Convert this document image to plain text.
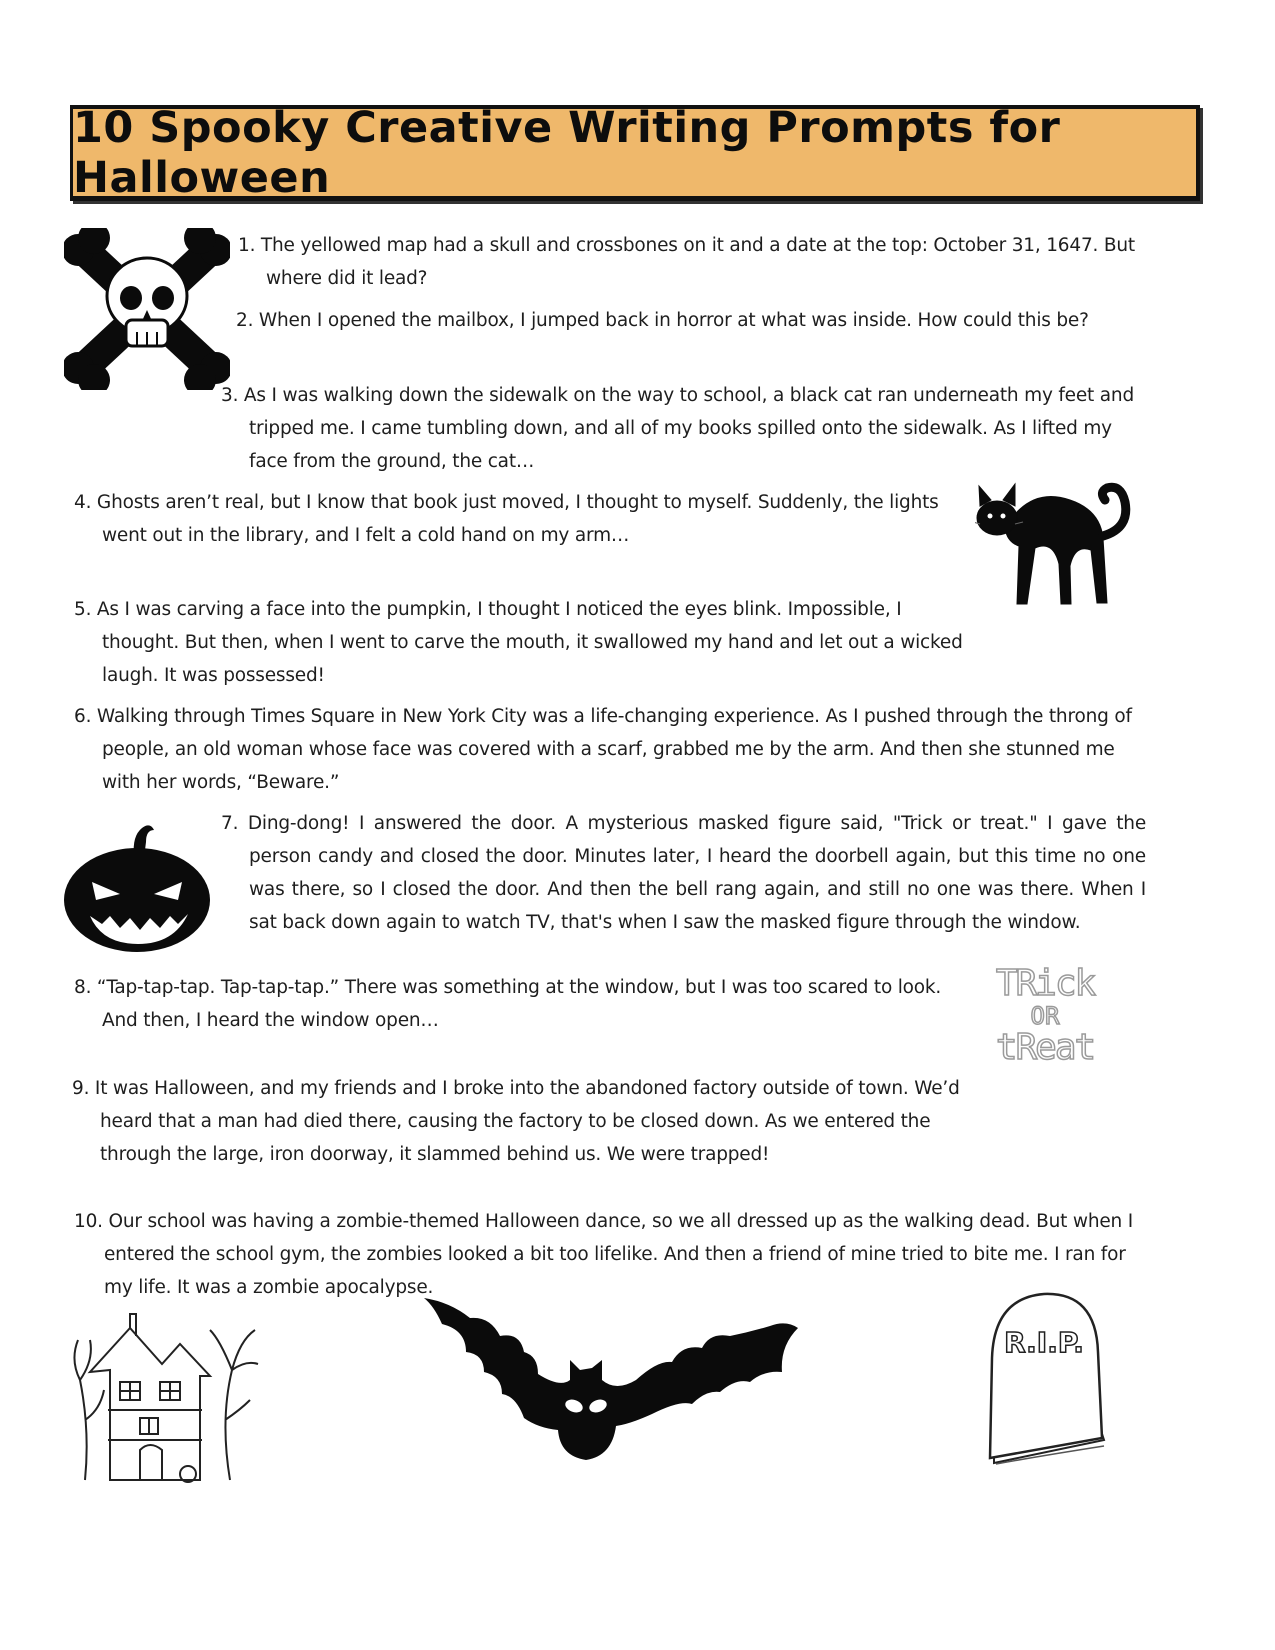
10 Spooky Creative Writing Prompts for Halloween
TRick
OR
tReat
R.I.P.
1. The yellowed map had a skull and crossbones on it and a date at the top: October 31, 1647. But where did it lead?
2. When I opened the mailbox, I jumped back in horror at what was inside. How could this be?
3. As I was walking down the sidewalk on the way to school, a black cat ran underneath my feet and tripped me. I came tumbling down, and all of my books spilled onto the sidewalk. As I lifted my face from the ground, the cat…
4. Ghosts aren’t real, but I know that book just moved, I thought to myself. Suddenly, the lights went out in the library, and I felt a cold hand on my arm…
5. As I was carving a face into the pumpkin, I thought I noticed the eyes blink. Impossible, I thought. But then, when I went to carve the mouth, it swallowed my hand and let out a wicked laugh. It was possessed!
6. Walking through Times Square in New York City was a life-changing experience. As I pushed through the throng of people, an old woman whose face was covered with a scarf, grabbed me by the arm. And then she stunned me with her words, “Beware.”
7. Ding-dong! I answered the door. A mysterious masked figure said, "Trick or treat." I gave the person candy and closed the door. Minutes later, I heard the doorbell again, but this time no one was there, so I closed the door. And then the bell rang again, and still no one was there. When I sat back down again to watch TV, that's when I saw the masked figure through the window.
8. “Tap-tap-tap. Tap-tap-tap.” There was something at the window, but I was too scared to look. And then, I heard the window open…
9. It was Halloween, and my friends and I broke into the abandoned factory outside of town. We’d heard that a man had died there, causing the factory to be closed down. As we entered the through the large, iron doorway, it slammed behind us. We were trapped!
10. Our school was having a zombie-themed Halloween dance, so we all dressed up as the walking dead. But when I entered the school gym, the zombies looked a bit too lifelike. And then a friend of mine tried to bite me. I ran for my life. It was a zombie apocalypse.
